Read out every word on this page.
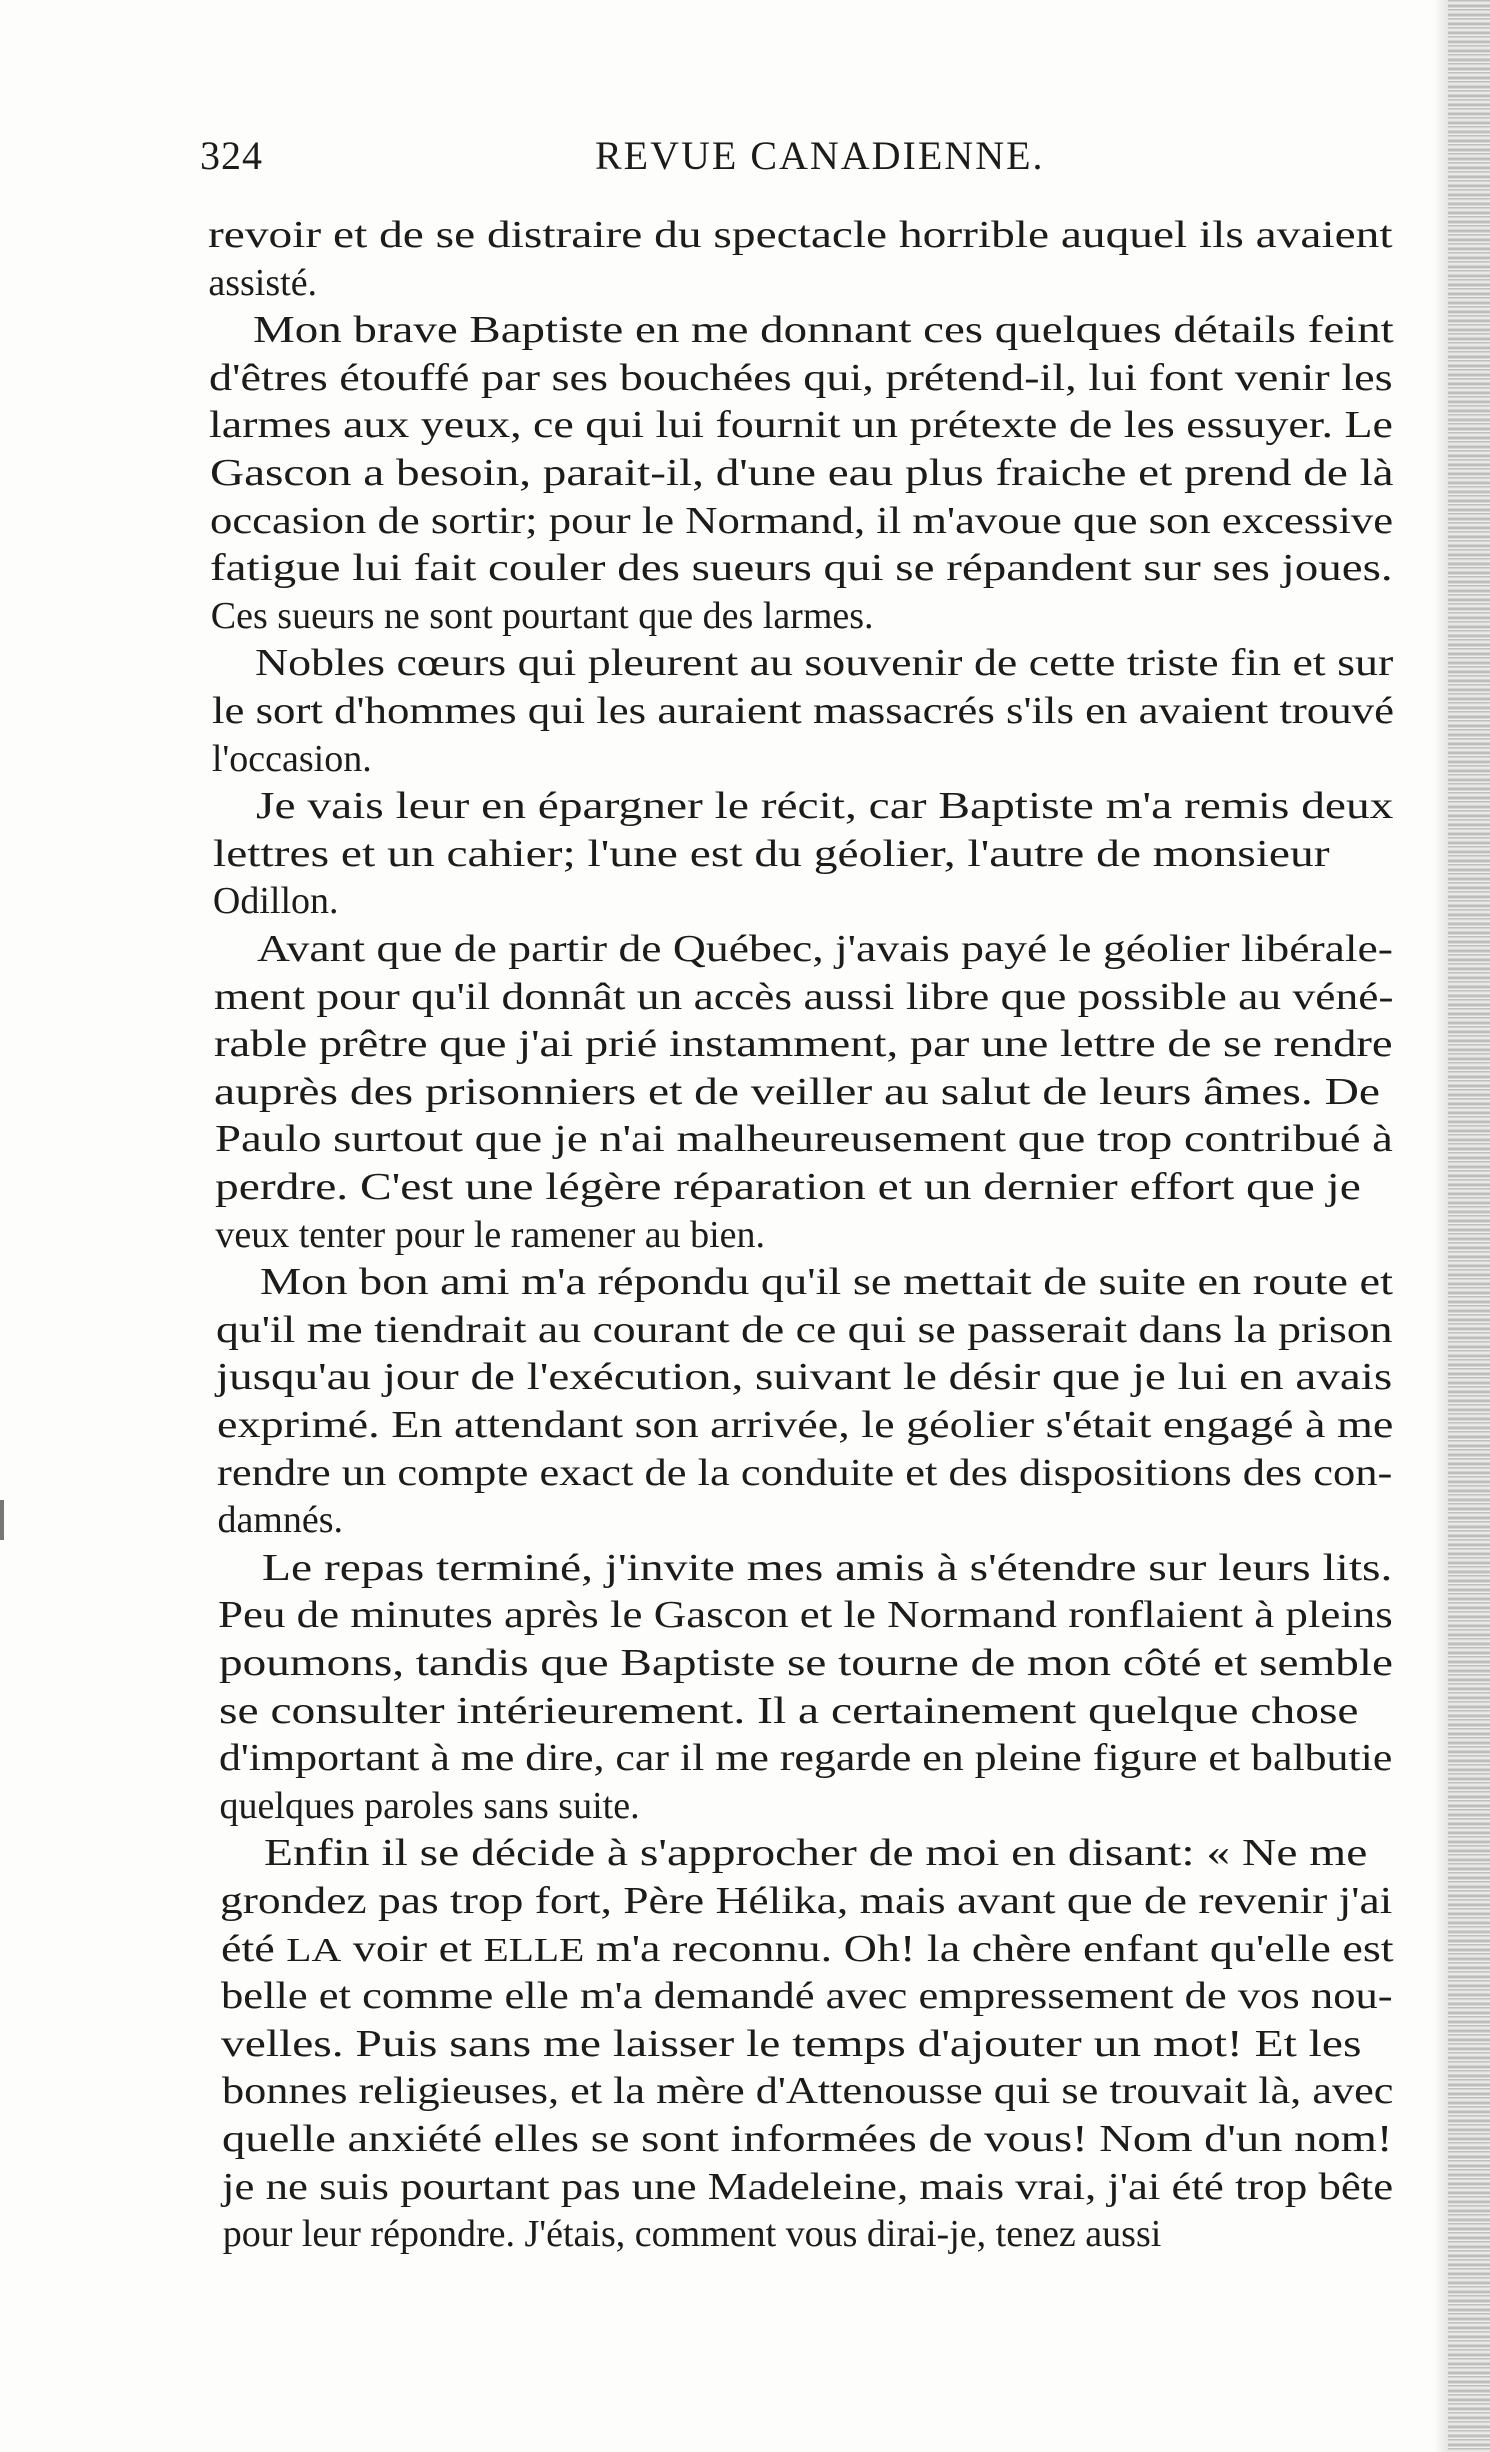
324	REVUE CANADIENNE.
revoir et de se distraire du spectacle horrible auquel ils avaient
assisté.
Mon brave Baptiste en me donnant ces quelques détails feint
d'êtres étouffé par ses bouchées qui, prétend-il, lui font venir les
larmes aux yeux, ce qui lui fournit un prétexte de les essuyer. Le
Gascon a besoin, parait-il, d'une eau plus fraiche et prend de là
occasion de sortir; pour le Normand, il m'avoue que son excessive
fatigue lui fait couler des sueurs qui se répandent sur ses joues.
Ces sueurs ne sont pourtant que des larmes.
Nobles cœurs qui pleurent au souvenir de cette triste fin et sur
le sort d'hommes qui les auraient massacrés s'ils en avaient trouvé
l'occasion.
Je vais leur en épargner le récit, car Baptiste m'a remis deux
lettres et un cahier; l'une est du géolier, l'autre de monsieur
Odillon.
Avant que de partir de Québec, j'avais payé le géolier libérale-
ment pour qu'il donnât un accès aussi libre que possible au véné-
rable prêtre que j'ai prié instamment, par une lettre de se rendre
auprès des prisonniers et de veiller au salut de leurs âmes. De
Paulo surtout que je n'ai malheureusement que trop contribué à
perdre. C'est une légère réparation et un dernier effort que je
veux tenter pour le ramener au bien.
Mon bon ami m'a répondu qu'il se mettait de suite en route et
qu'il me tiendrait au courant de ce qui se passerait dans la prison
jusqu'au jour de l'exécution, suivant le désir que je lui en avais
exprimé. En attendant son arrivée, le géolier s'était engagé à me
rendre un compte exact de la conduite et des dispositions des con-
damnés.
Le repas terminé, j'invite mes amis à s'étendre sur leurs lits.
Peu de minutes après le Gascon et le Normand ronflaient à pleins
poumons, tandis que Baptiste se tourne de mon côté et semble
se consulter intérieurement. Il a certainement quelque chose
d'important à me dire, car il me regarde en pleine figure et balbutie
quelques paroles sans suite.
Enfin il se décide à s'approcher de moi en disant: « Ne me
grondez pas trop fort, Père Hélika, mais avant que de revenir j'ai
été LA voir et ELLE m'a reconnu. Oh! la chère enfant qu'elle est
belle et comme elle m'a demandé avec empressement de vos nou-
velles. Puis sans me laisser le temps d'ajouter un mot! Et les
bonnes religieuses, et la mère d'Attenousse qui se trouvait là, avec
quelle anxiété elles se sont informées de vous! Nom d'un nom!
je ne suis pourtant pas une Madeleine, mais vrai, j'ai été trop bête
pour leur répondre. J'étais, comment vous dirai-je, tenez aussi
